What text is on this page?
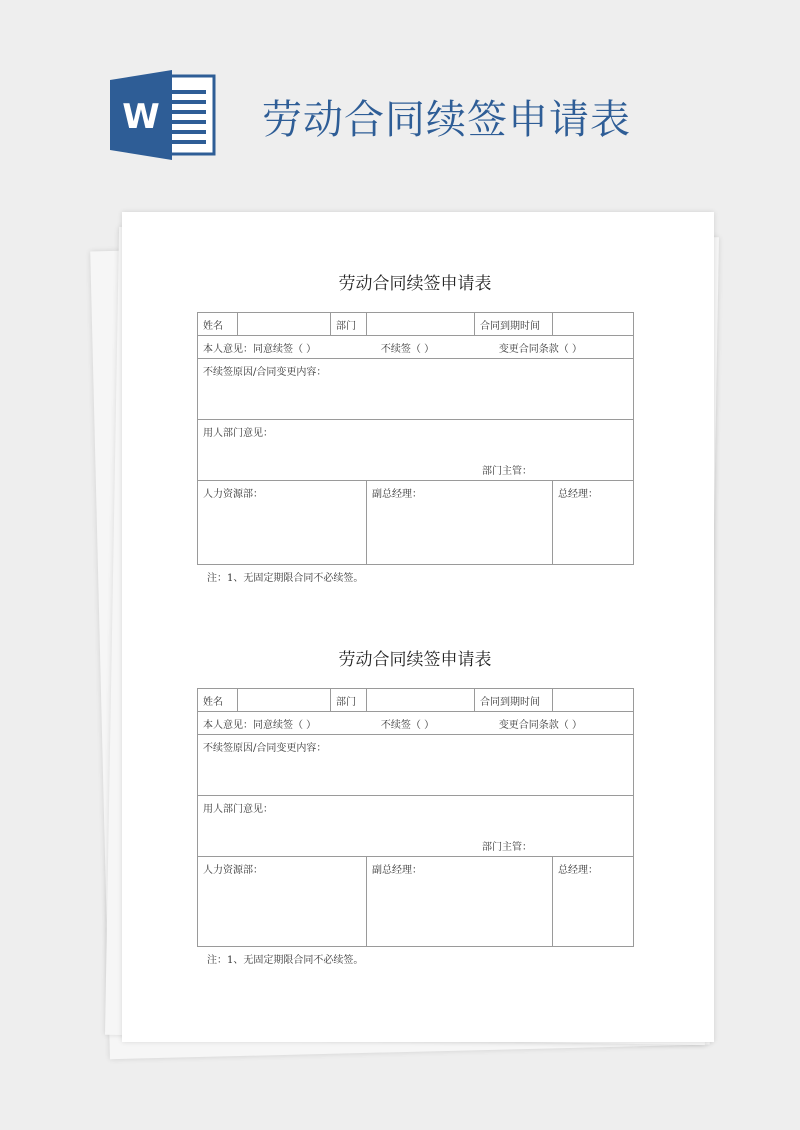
W	劳动合同续签申请表
劳动合同续签申请表
姓名		部门		合同到期时间	

本人意见：同意续签（ ） 不续签（ ） 变更合同条款（ ）					

不续签原因/合同变更内容：					

用人部门意见：
部门主管：					

人力资源部：			副总经理：		总经理：
注：1、无固定期限合同不必续签。
劳动合同续签申请表
姓名		部门		合同到期时间	

本人意见：同意续签（ ） 不续签（ ） 变更合同条款（ ）					

不续签原因/合同变更内容：					

用人部门意见：
部门主管：					

人力资源部：			副总经理：		总经理：
注：1、无固定期限合同不必续签。
